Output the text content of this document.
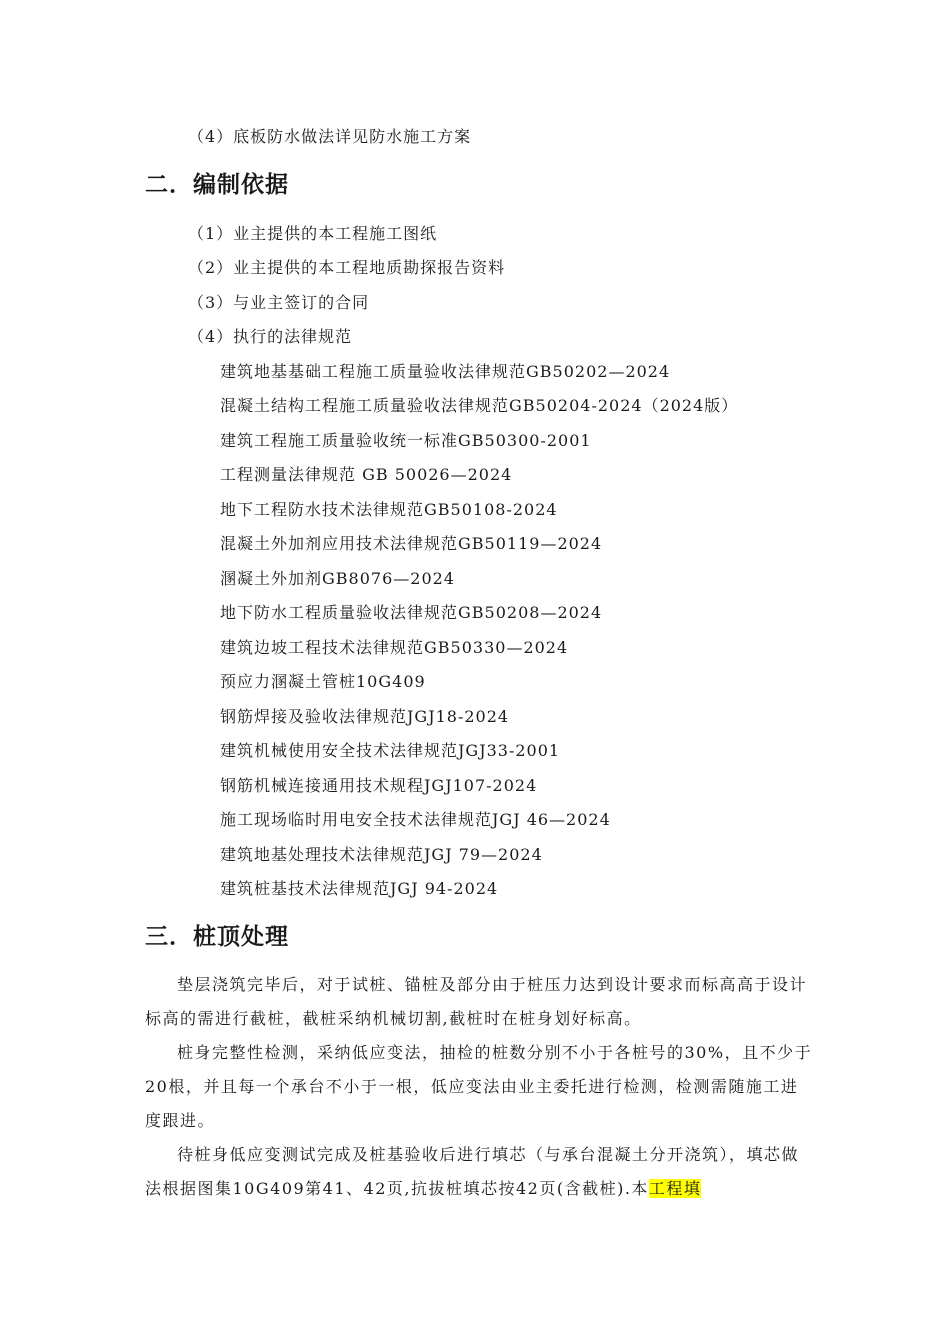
（4）底板防水做法详见防水施工方案
二．编制依据
（1）业主提供的本工程施工图纸
（2）业主提供的本工程地质勘探报告资料
（3）与业主签订的合同
（4）执行的法律规范
建筑地基基础工程施工质量验收法律规范GB50202—2024
混凝土结构工程施工质量验收法律规范GB50204-2024（2024版）
建筑工程施工质量验收统一标准GB50300-2001
工程测量法律规范 GB 50026—2024
地下工程防水技术法律规范GB50108-2024
混凝土外加剂应用技术法律规范GB50119—2024
溷凝土外加剂GB8076—2024
地下防水工程质量验收法律规范GB50208—2024
建筑边坡工程技术法律规范GB50330—2024
预应力溷凝土管桩10G409
钢筋焊接及验收法律规范JGJ18-2024
建筑机械使用安全技术法律规范JGJ33-2001
钢筋机械连接通用技术规程JGJ107-2024
施工现场临时用电安全技术法律规范JGJ 46—2024
建筑地基处理技术法律规范JGJ 79—2024
建筑桩基技术法律规范JGJ 94-2024
三．桩顶处理

垫层浇筑完毕后，对于试桩、锚桩及部分由于桩压力达到设计要求而标高高于设计标高的需进行截桩，截桩采纳机械切割,截桩时在桩身划好标高。

桩身完整性检测，采纳低应变法，抽检的桩数分别不小于各桩号的30%，且不少于20根，并且每一个承台不小于一根，低应变法由业主委托进行检测，检测需随施工进度跟进。

待桩身低应变测试完成及桩基验收后进行填芯（与承台混凝土分开浇筑），填芯做法根据图集10G409第41、42页,抗拔桩填芯按42页(含截桩).本工程填
